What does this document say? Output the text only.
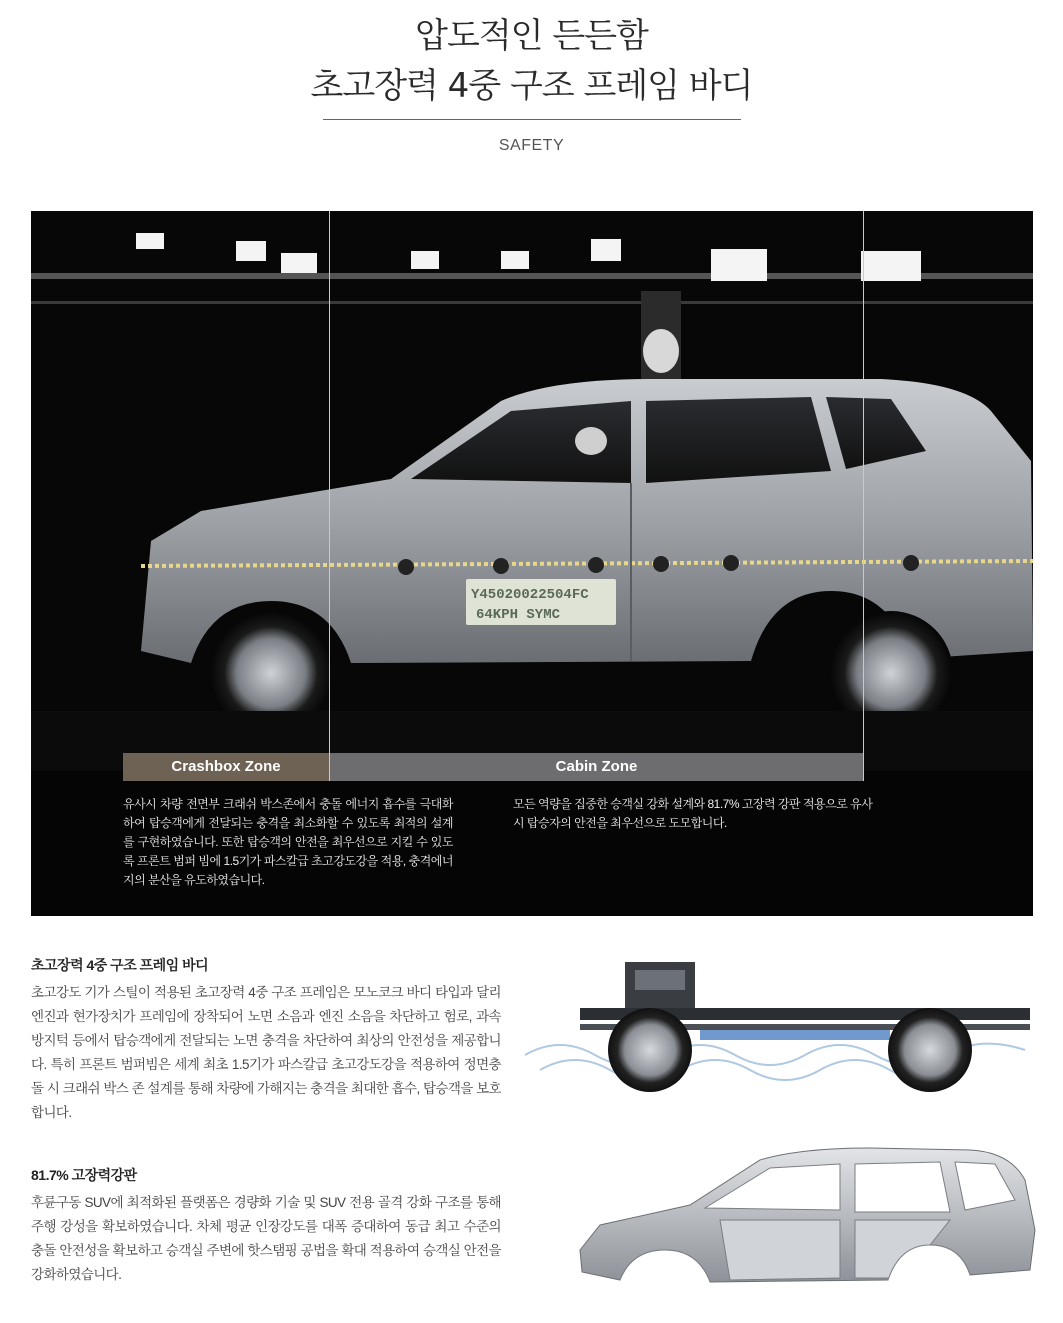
압도적인 든든함
초고장력 4중 구조 프레임 바디
SAFETY
Y45020022504FC
64KPH SYMC
Crashbox Zone	Cabin Zone
유사시 차량 전면부 크래쉬 박스존에서 충돌 에너지 흡수를 극대화하여 탑승객에게 전달되는 충격을 최소화할 수 있도록 최적의 설계를 구현하였습니다. 또한 탑승객의 안전을 최우선으로 지킬 수 있도록 프론트 범퍼 빔에 1.5기가 파스칼급 초고강도강을 적용, 충격에너지의 분산을 유도하였습니다.
모든 역량을 집중한 승객실 강화 설계와 81.7% 고장력 강판 적용으로 유사시 탑승자의 안전을 최우선으로 도모합니다.
초고장력 4중 구조 프레임 바디

초고강도 기가 스틸이 적용된 초고장력 4중 구조 프레임은 모노코크 바디 타입과 달리 엔진과 현가장치가 프레임에 장착되어 노면 소음과 엔진 소음을 차단하고 험로, 과속방지턱 등에서 탑승객에게 전달되는 노면 충격을 차단하여 최상의 안전성을 제공합니다. 특히 프론트 범퍼빔은 세계 최초 1.5기가 파스칼급 초고강도강을 적용하여 정면충돌 시 크래쉬 박스 존 설계를 통해 차량에 가해지는 충격을 최대한 흡수, 탑승객을 보호합니다.

81.7% 고장력강판

후륜구동 SUV에 최적화된 플랫폼은 경량화 기술 및 SUV 전용 골격 강화 구조를 통해 주행 강성을 확보하였습니다. 차체 평균 인장강도를 대폭 증대하여 동급 최고 수준의 충돌 안전성을 확보하고 승객실 주변에 핫스탬핑 공법을 확대 적용하여 승객실 안전을 강화하였습니다.
